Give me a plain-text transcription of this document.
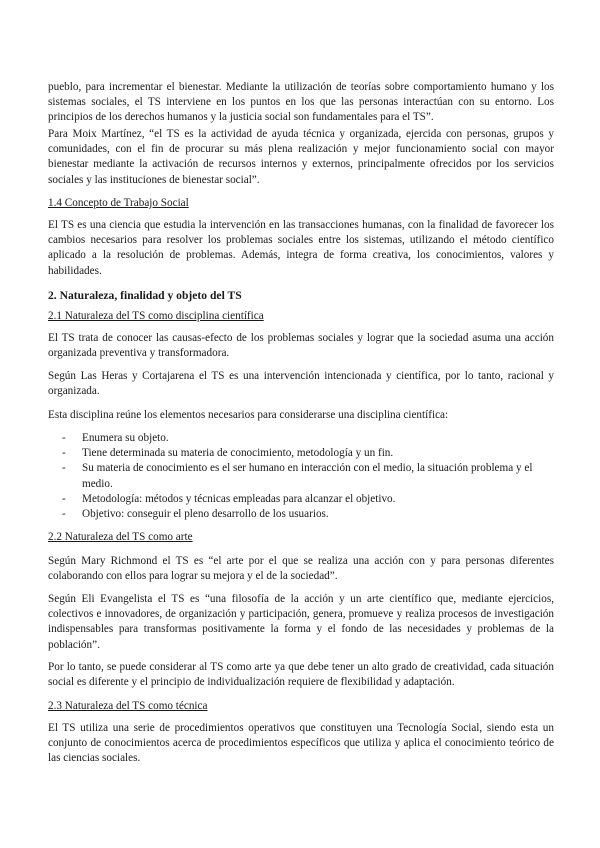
pueblo, para incrementar el bienestar. Mediante la utilización de teorías sobre comportamiento humano y los sistemas sociales, el TS interviene en los puntos en los que las personas interactúan con su entorno. Los principios de los derechos humanos y la justicia social son fundamentales para el TS”.

Para Moix Martínez, “el TS es la actividad de ayuda técnica y organizada, ejercida con personas, grupos y comunidades, con el fin de procurar su más plena realización y mejor funcionamiento social con mayor bienestar mediante la activación de recursos internos y externos, principalmente ofrecidos por los servicios sociales y las instituciones de bienestar social”.

1.4 Concepto de Trabajo Social

El TS es una ciencia que estudia la intervención en las transacciones humanas, con la finalidad de favorecer los cambios necesarios para resolver los problemas sociales entre los sistemas, utilizando el método científico aplicado a la resolución de problemas. Además, integra de forma creativa, los conocimientos, valores y habilidades.

2. Naturaleza, finalidad y objeto del TS

2.1 Naturaleza del TS como disciplina científica

El TS trata de conocer las causas-efecto de los problemas sociales y lograr que la sociedad asuma una acción organizada preventiva y transformadora.

Según Las Heras y Cortajarena el TS es una intervención intencionada y científica, por lo tanto, racional y organizada.

Esta disciplina reúne los elementos necesarios para considerarse una disciplina científica:

- Enumera su objeto.
- Tiene determinada su materia de conocimiento, metodología y un fin.
- Su materia de conocimiento es el ser humano en interacción con el medio, la situación problema y el medio.
- Metodología: métodos y técnicas empleadas para alcanzar el objetivo.
- Objetivo: conseguir el pleno desarrollo de los usuarios.

2.2 Naturaleza del TS como arte

Según Mary Richmond el TS es “el arte por el que se realiza una acción con y para personas diferentes colaborando con ellos para lograr su mejora y el de la sociedad”.

Según Eli Evangelista el TS es “una filosofía de la acción y un arte científico que, mediante ejercicios, colectivos e innovadores, de organización y participación, genera, promueve y realiza procesos de investigación indispensables para transformas positivamente la forma y el fondo de las necesidades y problemas de la población”.

Por lo tanto, se puede considerar al TS como arte ya que debe tener un alto grado de creatividad, cada situación social es diferente y el principio de individualización requiere de flexibilidad y adaptación.

2.3 Naturaleza del TS como técnica

El TS utiliza una serie de procedimientos operativos que constituyen una Tecnología Social, siendo esta un conjunto de conocimientos acerca de procedimientos específicos que utiliza y aplica el conocimiento teórico de las ciencias sociales.
